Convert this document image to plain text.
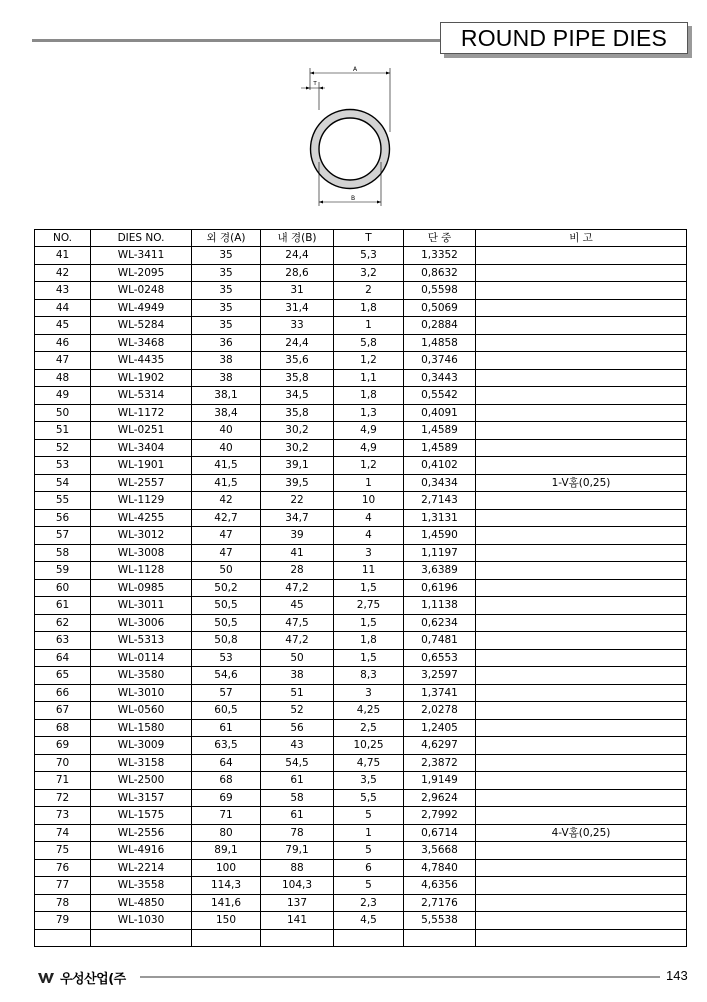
ROUND PIPE DIES
A
T
B
NO.	DIES NO.	외 경(A)	내 경(B)	T	단 중	비 고
41	WL-3411	35	24,4	5,3	1,3352	
42	WL-2095	35	28,6	3,2	0,8632	
43	WL-0248	35	31	2	0,5598	
44	WL-4949	35	31,4	1,8	0,5069	
45	WL-5284	35	33	1	0,2884	
46	WL-3468	36	24,4	5,8	1,4858	
47	WL-4435	38	35,6	1,2	0,3746	
48	WL-1902	38	35,8	1,1	0,3443	
49	WL-5314	38,1	34,5	1,8	0,5542	
50	WL-1172	38,4	35,8	1,3	0,4091	
51	WL-0251	40	30,2	4,9	1,4589	
52	WL-3404	40	30,2	4,9	1,4589	
53	WL-1901	41,5	39,1	1,2	0,4102	
54	WL-2557	41,5	39,5	1	0,3434	1-V홈(0,25)
55	WL-1129	42	22	10	2,7143	
56	WL-4255	42,7	34,7	4	1,3131	
57	WL-3012	47	39	4	1,4590	
58	WL-3008	47	41	3	1,1197	
59	WL-1128	50	28	11	3,6389	
60	WL-0985	50,2	47,2	1,5	0,6196	
61	WL-3011	50,5	45	2,75	1,1138	
62	WL-3006	50,5	47,5	1,5	0,6234	
63	WL-5313	50,8	47,2	1,8	0,7481	
64	WL-0114	53	50	1,5	0,6553	
65	WL-3580	54,6	38	8,3	3,2597	
66	WL-3010	57	51	3	1,3741	
67	WL-0560	60,5	52	4,25	2,0278	
68	WL-1580	61	56	2,5	1,2405	
69	WL-3009	63,5	43	10,25	4,6297	
70	WL-3158	64	54,5	4,75	2,3872	
71	WL-2500	68	61	3,5	1,9149	
72	WL-3157	69	58	5,5	2,9624	
73	WL-1575	71	61	5	2,7992	
74	WL-2556	80	78	1	0,6714	4-V홈(0,25)
75	WL-4916	89,1	79,1	5	3,5668	
76	WL-2214	100	88	6	4,7840	
77	WL-3558	114,3	104,3	5	4,6356	
78	WL-4850	141,6	137	2,3	2,7176	
79	WL-1030	150	141	4,5	5,5538	

우성산업(주	143
